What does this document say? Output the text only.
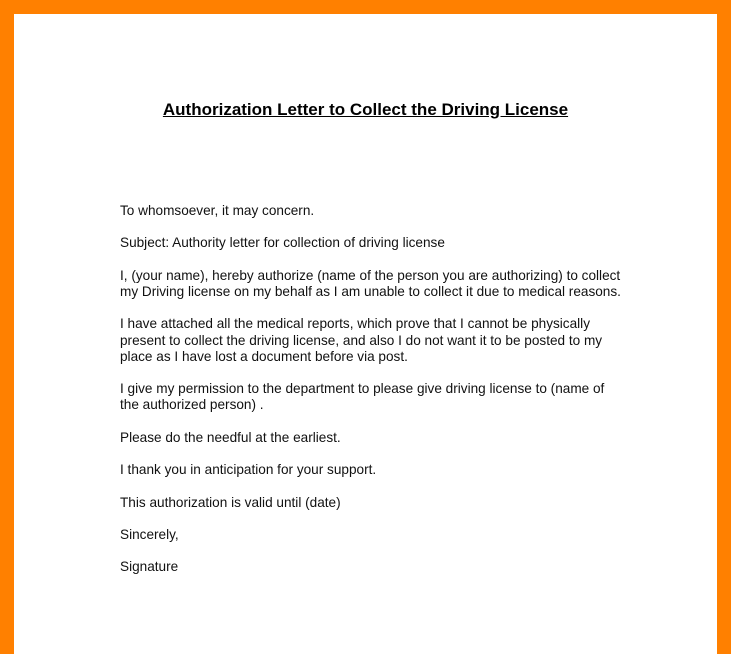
Authorization Letter to Collect the Driving License

To whomsoever, it may concern.

Subject: Authority letter for collection of driving license

I, (your name), hereby authorize (name of the person you are authorizing) to collect my Driving license on my behalf as I am unable to collect it due to medical reasons.

I have attached all the medical reports, which prove that I cannot be physically present to collect the driving license, and also I do not want it to be posted to my place as I have lost a document before via post.

I give my permission to the department to please give driving license to (name of the authorized person) .

Please do the needful at the earliest.

I thank you in anticipation for your support.

This authorization is valid until (date)

Sincerely,

Signature
